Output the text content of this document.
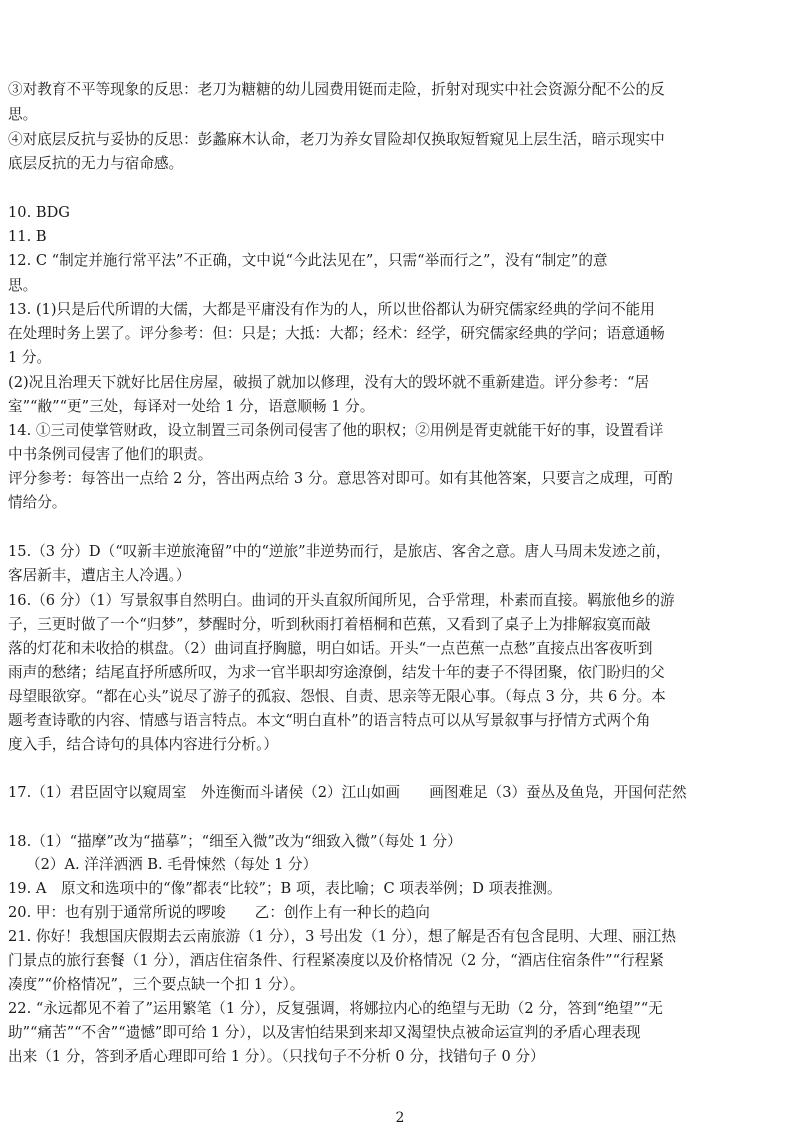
③对教育不平等现象的反思：老刀为糖糖的幼儿园费用铤而走险，折射对现实中社会资源分配不公的反
思。
④对底层反抗与妥协的反思：彭蠡麻木认命，老刀为养女冒险却仅换取短暂窥见上层生活，暗示现实中
底层反抗的无力与宿命感。
10. BDG
11. B
12. C “制定并施行常平法”不正确，文中说“今此法见在”，只需“举而行之”，没有“制定”的意
思。
13. (1)只是后代所谓的大儒，大都是平庸没有作为的人，所以世俗都认为研究儒家经典的学问不能用
在处理时务上罢了。评分参考：但：只是；大抵：大都；经术：经学，研究儒家经典的学问；语意通畅
1 分。
(2)况且治理天下就好比居住房屋，破损了就加以修理，没有大的毁坏就不重新建造。评分参考：“居
室”“敝”“更”三处，每译对一处给 1 分，语意顺畅 1 分。
14. ①三司使掌管财政，设立制置三司条例司侵害了他的职权；②用例是胥吏就能干好的事，设置看详
中书条例司侵害了他们的职责。
评分参考：每答出一点给 2 分，答出两点给 3 分。意思答对即可。如有其他答案，只要言之成理，可酌
情给分。
15.（3 分）D（“叹新丰逆旅淹留”中的“逆旅”非逆势而行，是旅店、客舍之意。唐人马周未发迹之前，
客居新丰，遭店主人冷遇。）
16.（6 分）（1）写景叙事自然明白。曲词的开头直叙所闻所见，合乎常理，朴素而直接。羁旅他乡的游
子，三更时做了一个“归梦”，梦醒时分，听到秋雨打着梧桐和芭蕉，又看到了桌子上为排解寂寞而敲
落的灯花和未收拾的棋盘。（2）曲词直抒胸臆，明白如话。开头“一点芭蕉一点愁”直接点出客夜听到
雨声的愁绪；结尾直抒所感所叹，为求一官半职却穷途潦倒，结发十年的妻子不得团聚，依门盼归的父
母望眼欲穿。“都在心头”说尽了游子的孤寂、怨恨、自责、思亲等无限心事。（每点 3 分，共 6 分。本
题考查诗歌的内容、情感与语言特点。本文“明白直朴”的语言特点可以从写景叙事与抒情方式两个角
度入手，结合诗句的具体内容进行分析。）
17.（1）君臣固守以窥周室　外连衡而斗诸侯（2）江山如画　　画图难足（3）蚕丛及鱼凫，开国何茫然
18.（1）“描摩”改为“描摹”；“细至入微”改为“细致入微”（每处 1 分）
（2）A. 洋洋洒洒 B. 毛骨悚然（每处 1 分）
19. A　原文和选项中的“像”都表“比较”；B 项，表比喻；C 项表举例；D 项表推测。
20. 甲：也有别于通常所说的啰唆　　乙：创作上有一种长的趋向
21. 你好！我想国庆假期去云南旅游（1 分），3 号出发（1 分），想了解是否有包含昆明、大理、丽江热
门景点的旅行套餐（1 分），酒店住宿条件、行程紧凑度以及价格情况（2 分，“酒店住宿条件”“行程紧
凑度”“价格情况”，三个要点缺一个扣 1 分）。
22. “永远都见不着了”运用繁笔（1 分），反复强调，将娜拉内心的绝望与无助（2 分，答到“绝望”“无
助”“痛苦”“不舍”“遗憾”即可给 1 分），以及害怕结果到来却又渴望快点被命运宣判的矛盾心理表现
出来（1 分，答到矛盾心理即可给 1 分）。（只找句子不分析 0 分，找错句子 0 分）
2
